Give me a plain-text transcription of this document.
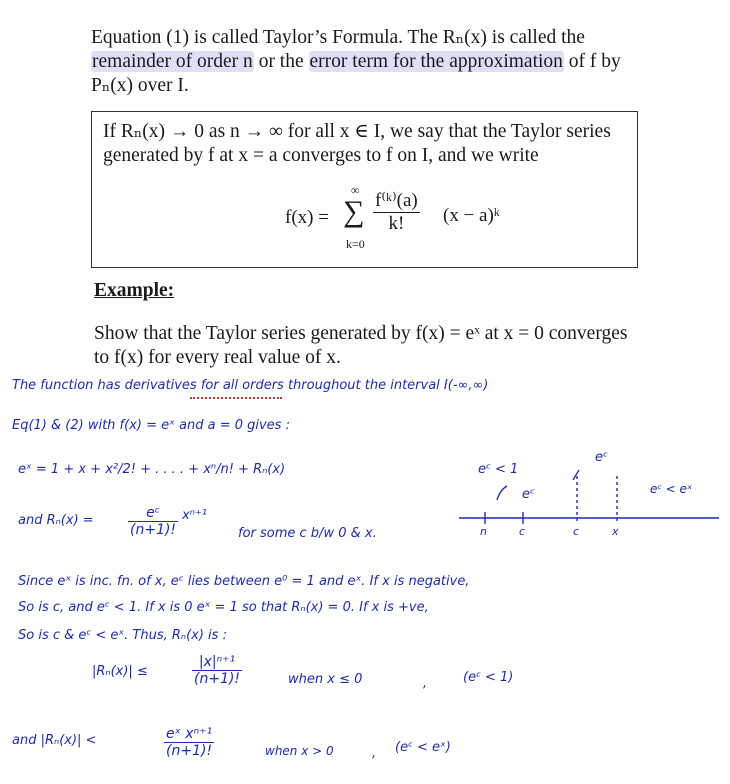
Equation (1) is called Taylor’s Formula. The Rₙ(x) is called the
remainder of order n or the error term for the approximation of f by
Pₙ(x) over I.
If Rₙ(x) → 0 as n → ∞ for all x ∈ I, we say that the Taylor series
generated by f at x = a converges to f on I, and we write
f(x) =
∞
∑
k=0
$\frac{\text{f⁽ᵏ⁾(a)}}{k!} (x$ − a)ᵏ
Example:
Show that the Taylor series generated by f(x) = eˣ at x = 0 converges
to f(x) for every real value of x.
The function has derivatives for all orders throughout the interval I(-∞,∞)
Eq(1) & (2) with f(x) = eˣ and a = 0 gives :
eˣ = 1 + x + x²/2! + . . . . + xⁿ/n! + Rₙ(x)
and $R_n(x) = \frac{\text{eᶜ}}{(n+1)!} x^{n+1}$
for some c b/w 0 & x.
eᶜ < 1
eᶜ
eᶜ
eᶜ < eˣ
n	c	c	x
Since eˣ is inc. fn. of x, eᶜ lies between e⁰ = 1 and eˣ. If x is negative,
So is c, and eᶜ < 1. If x is 0 eˣ = 1 so that Rₙ(x) = 0. If x is +ve,
So is c & eᶜ < eˣ. Thus, Rₙ(x) is :
|Rₙ(x)| ≤	$\frac{\text{|x|ⁿ⁺¹}}{(n+1)!}$	when x ≤ 0	,	(eᶜ < 1)
and |Rₙ(x)| <	$\frac{\text{eˣ xⁿ⁺¹}}{(n+1)!}$	when x > 0	, (eᶜ < eˣ)
